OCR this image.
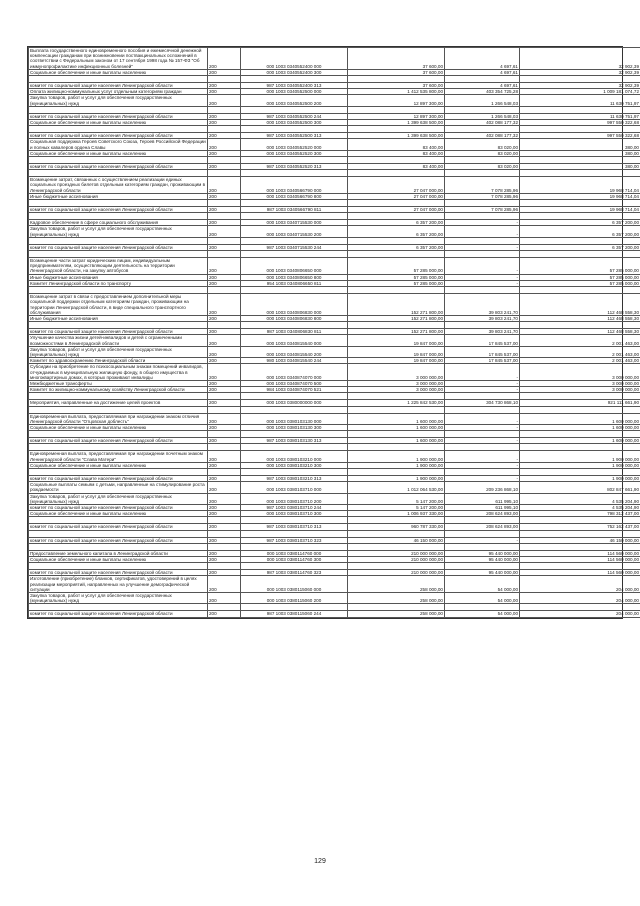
Выплата государственного единовременного пособия и ежемесячной денежной компенсации гражданам при возникновении поствакцинальных осложнений в соответствии с Федеральным законом от 17 сентября 1998 года № 157-ФЗ "Об иммунопрофилактике инфекционных болезней"	200	000 1003 0340552400 000	37 600,00	4 697,61	32 902,39
Социальное обеспечение и иные выплаты населению	200	000 1003 0340552400 300	37 600,00	4 697,61	32 902,39

комитет по социальной защите населения Ленинградской области	200	987 1003 0340552400 313	37 600,00	4 697,61	32 902,39
Оплата жилищно-коммунальных услуг отдельным категориям граждан	200	000 1003 0340552500 000	1 412 535 800,00	403 354 725,28	1 009 181 074,72
Закупка товаров, работ и услуг для обеспечения государственных (муниципальных) нужд	200	000 1003 0340552500 200	12 897 300,00	1 266 548,03	11 630 751,97

комитет по социальной защите населения Ленинградской области	200	987 1003 0340552500 244	12 897 300,00	1 266 548,03	11 630 751,97
Социальное обеспечение и иные выплаты населению	200	000 1003 0340552500 300	1 399 638 500,00	402 088 177,32	997 550 322,68

комитет по социальной защите населения Ленинградской области	200	987 1003 0340552500 313	1 399 638 500,00	402 088 177,32	997 550 322,68
Социальная поддержка Героев Советского Союза, Героев Российской Федерации и полных кавалеров ордена Славы	200	000 1003 0340552520 000	83 400,00	83 020,00	380,00
Социальное обеспечение и иные выплаты населению	200	000 1003 0340552520 300	83 400,00	83 020,00	380,00

комитет по социальной защите населения Ленинградской области	200	987 1003 0340552520 313	83 400,00	83 020,00	380,00

Возмещение затрат, связанных с осуществлением реализации единых социальных проездных билетов отдельным категориям граждан, проживающим в Ленинградской области	200	000 1003 0340566790 000	27 047 000,00	7 078 285,96	19 968 714,04
Иные бюджетные ассигнования	200	000 1003 0340566790 800	27 047 000,00	7 078 285,96	19 968 714,04

комитет по социальной защите населения Ленинградской области	200	987 1003 0340566790 811	27 047 000,00	7 078 285,96	19 968 714,04

Кадровое обеспечение в сфере социального обслуживания	200	000 1003 0340715530 000	6 357 200,00	-	6 357 200,00
Закупка товаров, работ и услуг для обеспечения государственных (муниципальных) нужд	200	000 1003 0340715530 200	6 357 200,00	-	6 357 200,00

комитет по социальной защите населения Ленинградской области	200	987 1003 0340715530 244	6 357 200,00	-	6 357 200,00

Возмещение части затрат юридическим лицам, индивидуальным предпринимателям, осуществляющим деятельность на территории Ленинградской области, на закупку автобусов	200	000 1003 0340806650 000	57 285 000,00	-	57 285 000,00
Иные бюджетные ассигнования	200	000 1003 0340806650 800	57 285 000,00	-	57 285 000,00
Комитет Ленинградской области по транспорту	200	954 1003 0340806650 811	57 285 000,00	-	57 285 000,00

Возмещение затрат в связи с предоставлением дополнительной меры социальной поддержки отдельным категориям граждан, проживающим на территории Ленинградской области, в виде специального транспортного обслуживания	200	000 1003 0340806830 000	152 271 800,00	39 803 241,70	112 468 558,30
Иные бюджетные ассигнования	200	000 1003 0340806830 800	152 271 800,00	39 803 241,70	112 468 558,30

комитет по социальной защите населения Ленинградской области	200	987 1003 0340806830 811	152 271 800,00	39 803 241,70	112 468 558,30
Улучшение качества жизни детей-инвалидов и детей с ограниченными возможностями в Ленинградской области	200	000 1003 0340815540 000	19 847 000,00	17 845 537,00	2 001 463,00
Закупка товаров, работ и услуг для обеспечения государственных (муниципальных) нужд	200	000 1003 0340815540 200	19 847 000,00	17 845 537,00	2 001 463,00
Комитет по здравоохранению Ленинградской области	200	980 1003 0340815540 244	19 847 000,00	17 845 537,00	2 001 463,00
Субсидии на приобретение по психосоциальным знакам помещений инвалидов, отчуждаемых в муниципальную жилищную фонду, в общего имущества в многоквартирных домах, в которых проживают инвалиды	200	000 1003 0340874070 000	3 000 000,00	-	3 000 000,00
Межбюджетные трансферты	200	000 1003 0340874070 500	3 000 000,00	-	3 000 000,00
Комитет по жилищно-коммунальному хозяйству Ленинградской области	200	984 1003 0340874070 521	3 000 000,00	-	3 000 000,00

Мероприятия, направленные на достижение целей проектов	200	000 1003 0380000000 000	1 225 842 530,00	304 730 868,10	921 111 661,90

Единовременная выплата, предоставляемая при награждении знаком отличия Ленинградской области "Отцовская доблесть"	200	000 1003 0380103130 000	1 600 000,00	-	1 600 000,00
Социальное обеспечение и иные выплаты населению	200	000 1003 0380103130 300	1 600 000,00	-	1 600 000,00

комитет по социальной защите населения Ленинградской области	200	987 1003 0380103130 313	1 600 000,00	-	1 600 000,00

Единовременная выплата, предоставляемая при награждении почетным знаком Ленинградской области "Слава Матери"	200	000 1003 0380103210 000	1 900 000,00	-	1 900 000,00
Социальное обеспечение и иные выплаты населению	200	000 1003 0380103210 300	1 900 000,00	-	1 900 000,00

комитет по социальной защите населения Ленинградской области	200	987 1003 0380103210 313	1 900 000,00	-	1 900 000,00
Социальные выплаты семьям с детьми, направленные на стимулирование роста рождаемости	200	000 1003 0380103710 000	1 012 064 530,00	209 236 868,10	802 847 661,90
Закупка товаров, работ и услуг для обеспечения государственных (муниципальных) нужд	200	000 1003 0380103710 200	5 147 200,00	611 995,10	4 535 204,90
комитет по социальной защите населения Ленинградской области	200	987 1003 0380103710 244	5 147 200,00	611 995,10	4 535 204,90
Социальное обеспечение и иные выплаты населению	200	000 1003 0380103710 300	1 006 937 330,00	208 624 893,00	798 312 437,00

комитет по социальной защите населения Ленинградской области	200	987 1003 0380103710 313	960 787 330,00	208 624 893,00	752 162 437,00

комитет по социальной защите населения Ленинградской области	200	987 1003 0380103710 323	46 150 000,00	-	46 150 000,00

Предоставление земельного капитала в Ленинградской области	200	000 1003 0380114760 000	210 000 000,00	95 440 000,00	114 560 000,00
Социальное обеспечение и иные выплаты населению	200	000 1003 0380114760 300	210 000 000,00	95 440 000,00	114 560 000,00

комитет по социальной защите населения Ленинградской области	200	987 1003 0380114760 323	210 000 000,00	95 440 000,00	114 560 000,00
Изготовление (приобретение) бланков, сертификатов, удостоверений в целях реализации мероприятий, направленных на улучшение демографической ситуации	200	000 1003 0380115060 000	258 000,00	54 000,00	204 000,00
Закупка товаров, работ и услуг для обеспечения государственных (муниципальных) нужд	200	000 1003 0380115060 200	258 000,00	54 000,00	204 000,00

комитет по социальной защите населения Ленинградской области	200	987 1003 0380115060 244	258 000,00	54 000,00	204 000,00
129
